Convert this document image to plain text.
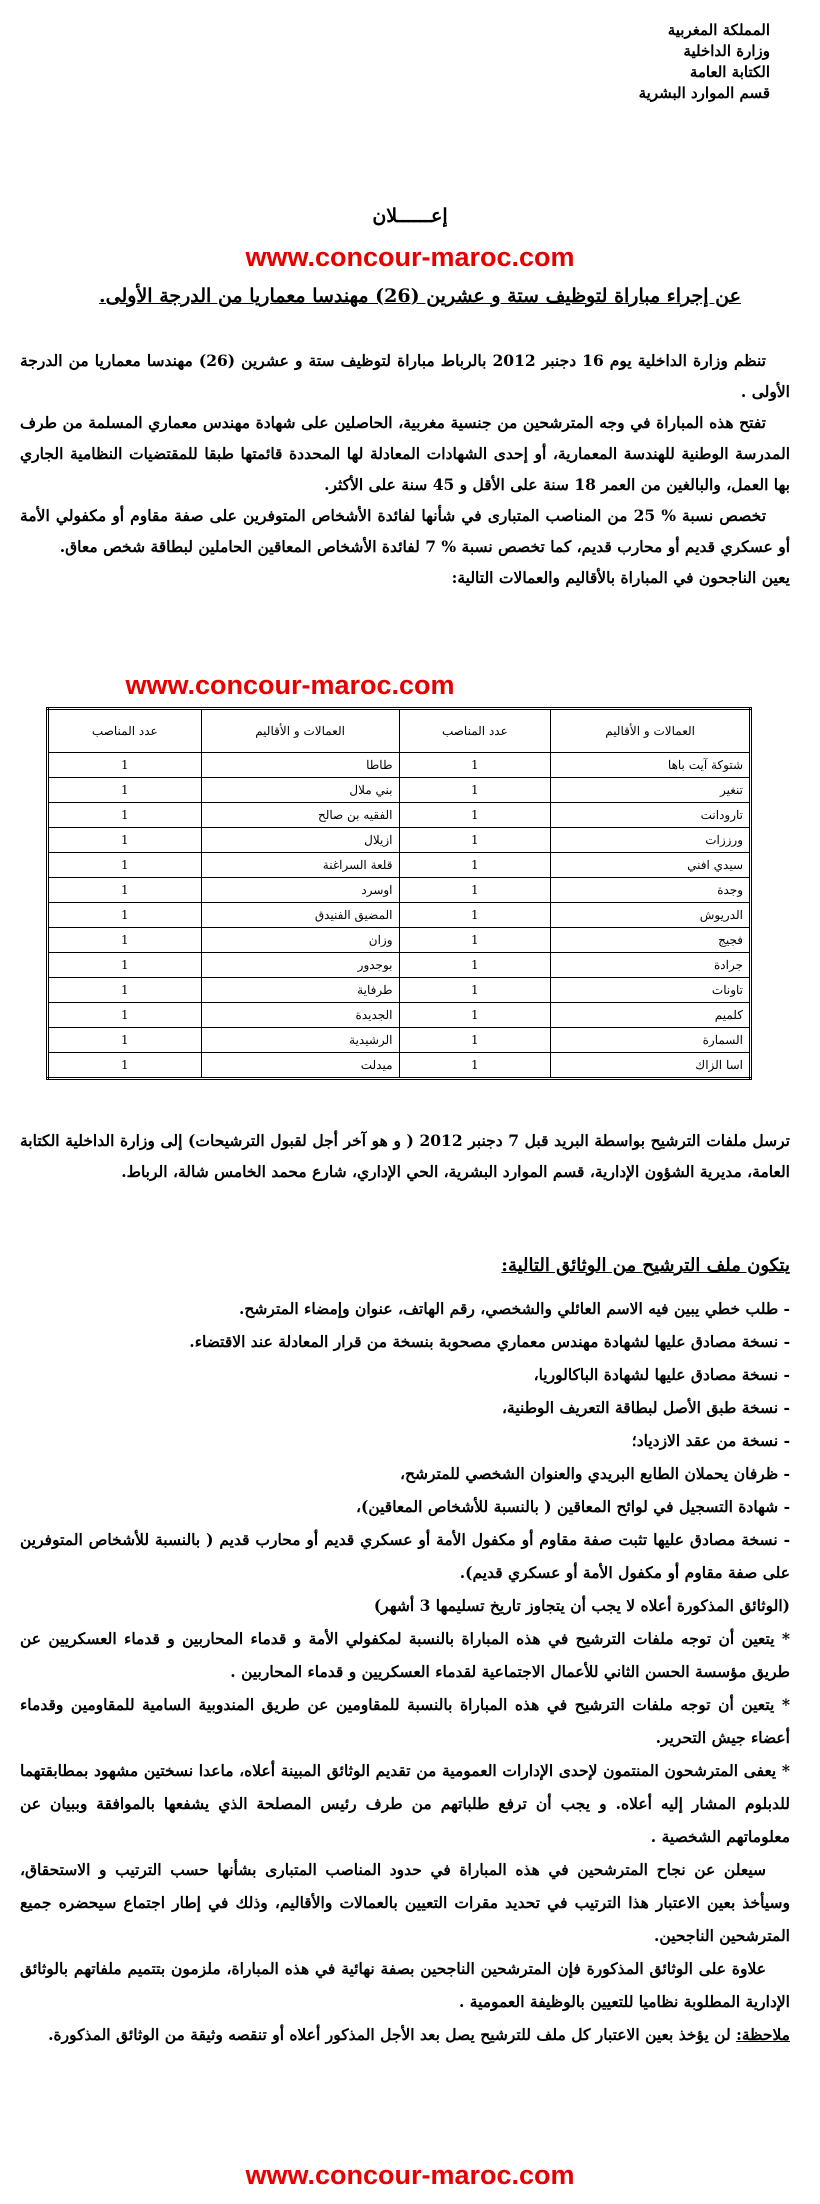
المملكة المغربية
وزارة الداخلية
الكتابة العامة
قسم الموارد البشرية
إعــــــلان
www.concour-maroc.com
عن إجراء مباراة لتوظيف ستة و عشرين (26) مهندسا معماريا من الدرجة الأولى.

تنظم وزارة الداخلية يوم 16 دجنبر 2012 بالرباط مباراة لتوظيف ستة و عشرين (26) مهندسا معماريا من الدرجة الأولى .

تفتح هذه المباراة في وجه المترشحين من جنسية مغربية، الحاصلين على شهادة مهندس معماري المسلمة من طرف المدرسة الوطنية للهندسة المعمارية، أو إحدى الشهادات المعادلة لها المحددة قائمتها طبقا للمقتضيات النظامية الجاري بها العمل، والبالغين من العمر 18 سنة على الأقل و 45 سنة على الأكثر.

تخصص نسبة % 25 من المناصب المتبارى في شأنها لفائدة الأشخاص المتوفرين على صفة مقاوم أو مكفولي الأمة أو عسكري قديم أو محارب قديم، كما تخصص نسبة % 7 لفائدة الأشخاص المعاقين الحاملين لبطاقة شخص معاق.

يعين الناجحون في المباراة بالأقاليم والعمالات التالية:

www.concour-maroc.com
العمالات و الأقاليم	عدد المناصب	العمالات و الأقاليم	عدد المناصب
شتوكة آيت باها	1	طاطا	1
تنغير	1	بني ملال	1
تارودانت	1	الفقيه بن صالح	1
ورززات	1	ازيلال	1
سيدي افني	1	قلعة السراغنة	1
وجدة	1	اوسرد	1
الدريوش	1	المضيق الفنيدق	1
فجيج	1	وزان	1
جرادة	1	بوجدور	1
تاونات	1	طرفاية	1
كلميم	1	الجديدة	1
السمارة	1	الرشيدية	1
اسا الزاك	1	ميدلت	1

ترسل ملفات الترشيح بواسطة البريد قبل 7 دجنبر 2012 ( و هو آخر أجل لقبول الترشيحات) إلى وزارة الداخلية الكتابة العامة، مديرية الشؤون الإدارية، قسم الموارد البشرية، الحي الإداري، شارع محمد الخامس شالة، الرباط.

يتكون ملف الترشيح من الوثائق التالية:

- طلب خطي يبين فيه الاسم العائلي والشخصي، رقم الهاتف، عنوان وإمضاء المترشح.

- نسخة مصادق عليها لشهادة مهندس معماري مصحوبة بنسخة من قرار المعادلة عند الاقتضاء.

- نسخة مصادق عليها لشهادة الباكالوريا،

- نسخة طبق الأصل لبطاقة التعريف الوطنية،

- نسخة من عقد الازدياد؛

- ظرفان يحملان الطابع البريدي والعنوان الشخصي للمترشح،

- شهادة التسجيل في لوائح المعاقين ( بالنسبة للأشخاص المعاقين)،

- نسخة مصادق عليها تثبت صفة مقاوم أو مكفول الأمة أو عسكري قديم أو محارب قديم ( بالنسبة للأشخاص المتوفرين على صفة مقاوم أو مكفول الأمة أو عسكري قديم).

(الوثائق المذكورة أعلاه لا يجب أن يتجاوز تاريخ تسليمها 3 أشهر)

* يتعين أن توجه ملفات الترشيح في هذه المباراة بالنسبة لمكفولي الأمة و قدماء المحاربين و قدماء العسكريين عن طريق مؤسسة الحسن الثاني للأعمال الاجتماعية لقدماء العسكريين و قدماء المحاربين .

* يتعين أن توجه ملفات الترشيح في هذه المباراة بالنسبة للمقاومين عن طريق المندوبية السامية للمقاومين وقدماء أعضاء جيش التحرير.

* يعفى المترشحون المنتمون لإحدى الإدارات العمومية من تقديم الوثائق المبينة أعلاه، ماعدا نسختين مشهود بمطابقتهما للدبلوم المشار إليه أعلاه. و يجب أن ترفع طلباتهم من طرف رئيس المصلحة الذي يشفعها بالموافقة وببيان عن معلوماتهم الشخصية .

سيعلن عن نجاح المترشحين في هذه المباراة في حدود المناصب المتبارى بشأنها حسب الترتيب و الاستحقاق، وسيأخذ بعين الاعتبار هذا الترتيب في تحديد مقرات التعيين بالعمالات والأقاليم، وذلك في إطار اجتماع سيحضره جميع المترشحين الناجحين.

علاوة على الوثائق المذكورة فإن المترشحين الناجحين بصفة نهائية في هذه المباراة، ملزمون بتتميم ملفاتهم بالوثائق الإدارية المطلوبة نظاميا للتعيين بالوظيفة العمومية .

ملاحظة: لن يؤخذ بعين الاعتبار كل ملف للترشيح يصل بعد الأجل المذكور أعلاه أو تنقصه وثيقة من الوثائق المذكورة.

www.concour-maroc.com
